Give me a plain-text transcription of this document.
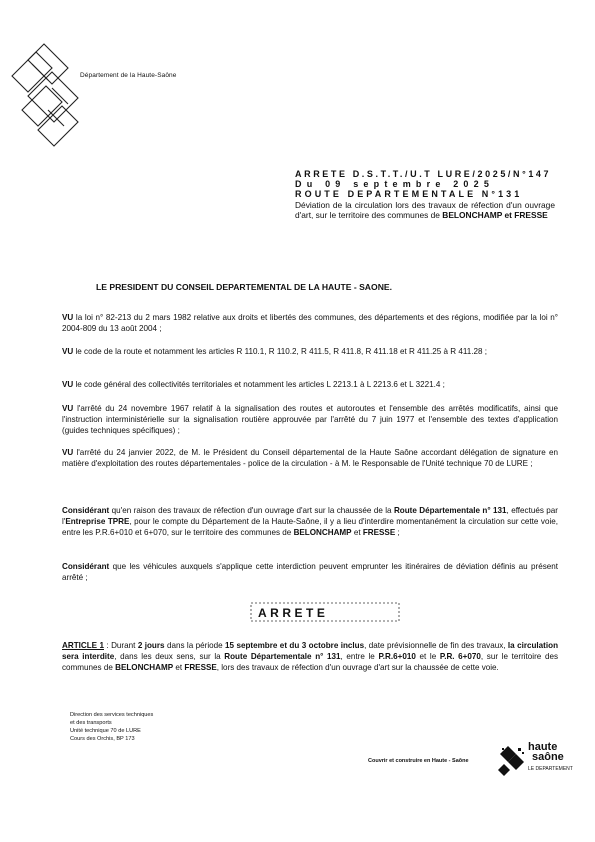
Département de la Haute-Saône
ARRETE D.S.T.T./U.T LURE/2025/N°147
Du 09 septembre 2025
ROUTE DEPARTEMENTALE N°131
Déviation de la circulation lors des travaux de réfection d'un ouvrage d'art, sur le territoire des communes de BELONCHAMP et FRESSE
LE PRESIDENT DU CONSEIL DEPARTEMENTAL DE LA HAUTE - SAONE.
VU la loi n° 82-213 du 2 mars 1982 relative aux droits et libertés des communes, des départements et des régions, modifiée par la loi n° 2004-809 du 13 août 2004 ;
VU le code de la route et notamment les articles R 110.1, R 110.2, R 411.5, R 411.8, R 411.18 et R 411.25 à R 411.28 ;
VU le code général des collectivités territoriales et notamment les articles L 2213.1 à L 2213.6 et L 3221.4 ;
VU l'arrêté du 24 novembre 1967 relatif à la signalisation des routes et autoroutes et l'ensemble des arrêtés modificatifs, ainsi que l'instruction interministérielle sur la signalisation routière approuvée par l'arrêté du 7 juin 1977 et l'ensemble des textes d'application (guides techniques spécifiques) ;
VU l'arrêté du 24 janvier 2022, de M. le Président du Conseil départemental de la Haute Saône accordant délégation de signature en matière d'exploitation des routes départementales - police de la circulation - à M. le Responsable de l'Unité technique 70 de LURE ;
Considérant qu'en raison des travaux de réfection d'un ouvrage d'art sur la chaussée de la Route Départementale n° 131, effectués par l'Entreprise TPRE, pour le compte du Département de la Haute-Saône, il y a lieu d'interdire momentanément la circulation sur cette voie, entre les P.R.6+010 et 6+070, sur le territoire des communes de BELONCHAMP et FRESSE ;
Considérant que les véhicules auxquels s'applique cette interdiction peuvent emprunter les itinéraires de déviation définis au présent arrêté ;
ARRETE
ARTICLE 1 : Durant 2 jours dans la période 15 septembre et du 3 octobre inclus, date prévisionnelle de fin des travaux, la circulation sera interdite, dans les deux sens, sur la Route Départementale n° 131, entre le P.R.6+010 et le P.R. 6+070, sur le territoire des communes de BELONCHAMP et FRESSE, lors des travaux de réfection d'un ouvrage d'art sur la chaussée de cette voie.
Direction des services techniques
et des transports
Unité technique 70 de LURE
Cours des Orchis, BP 173
Couvrir et construire en Haute - Saône
haute
saône
LE DEPARTEMENT
